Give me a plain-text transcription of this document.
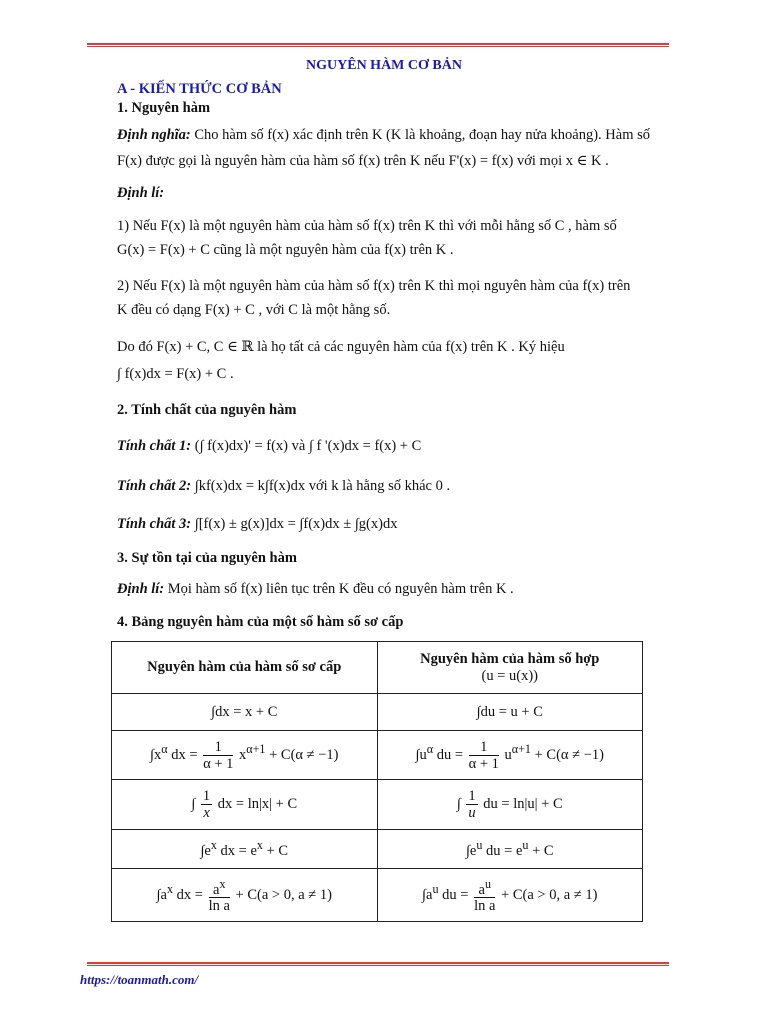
NGUYÊN HÀM CƠ BẢN
A - KIẾN THỨC CƠ BẢN
1. Nguyên hàm
Định nghĩa: Cho hàm số f(x) xác định trên K (K là khoảng, đoạn hay nửa khoảng). Hàm số
F(x) được gọi là nguyên hàm của hàm số f(x) trên K nếu F'(x) = f(x) với mọi x ∈ K .
Định lí:
1) Nếu F(x) là một nguyên hàm của hàm số f(x) trên K thì với mỗi hằng số C , hàm số
G(x) = F(x) + C cũng là một nguyên hàm của f(x) trên K .
2) Nếu F(x) là một nguyên hàm của hàm số f(x) trên K thì mọi nguyên hàm của f(x) trên
K đều có dạng F(x) + C , với C là một hằng số.
Do đó F(x) + C, C ∈ ℝ là họ tất cả các nguyên hàm của f(x) trên K . Ký hiệu
∫ f(x)dx = F(x) + C .
2. Tính chất của nguyên hàm
Tính chất 1: (∫ f(x)dx)' = f(x) và ∫ f '(x)dx = f(x) + C
Tính chất 2: ∫kf(x)dx = k∫f(x)dx với k là hằng số khác 0 .
Tính chất 3: ∫[f(x) ± g(x)]dx = ∫f(x)dx ± ∫g(x)dx
3. Sự tồn tại của nguyên hàm
Định lí: Mọi hàm số f(x) liên tục trên K đều có nguyên hàm trên K .
4. Bảng nguyên hàm của một số hàm số sơ cấp
Nguyên hàm của hàm số sơ cấp	Nguyên hàm của hàm số hợp
(u = u(x))

∫dx = x + C	∫du = u + C
$\int x^\alpha$ dx = $\frac{1}{\alpha + 1} x^{\alpha+1} + C(\alpha \ne -1)$	$\int u^\alpha$ du = $\frac{1}{\alpha + 1} u^{\alpha+1} + C(\alpha \ne -1)$
∫ $\frac{1}{x}$ dx = ln|x| + C	∫ $\frac{1}{u}$ du = ln|u| + C
$\int e^x$ dx = $e^x + C$	$\int e^u$ du = $e^u + C$
$\int a^x$ dx = $\frac{a^x}{\text{ln a}} + C(a > 0$, a ≠ 1)	$\int a^u$ du = $\frac{a^u}{\text{ln a}} + C(a > 0$, a ≠ 1)
https://toanmath.com/
